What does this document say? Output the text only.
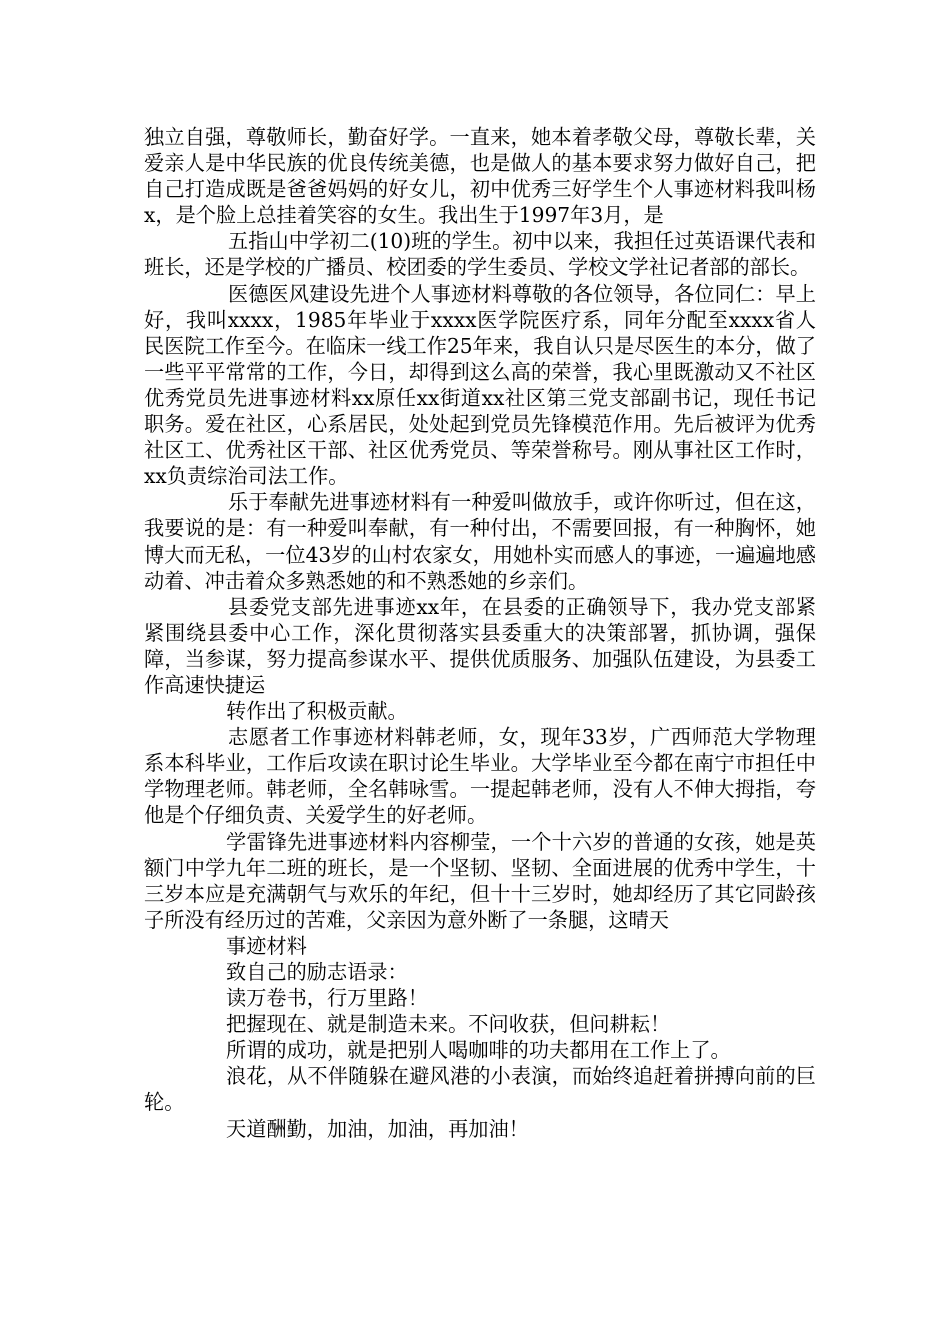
独立自强，尊敬师长，勤奋好学。一直来，她本着孝敬父母，尊敬长辈，关爱亲人是中华民族的优良传统美德，也是做人的基本要求努力做好自己，把自己打造成既是爸爸妈妈的好女儿，初中优秀三好学生个人事迹材料我叫杨x，是个脸上总挂着笑容的女生。我出生于1997年3月，是

五指山中学初二(10)班的学生。初中以来，我担任过英语课代表和班长，还是学校的广播员、校团委的学生委员、学校文学社记者部的部长。

医德医风建设先进个人事迹材料尊敬的各位领导，各位同仁：早上好，我叫xxxx，1985年毕业于xxxx医学院医疗系，同年分配至xxxx省人民医院工作至今。在临床一线工作25年来，我自认只是尽医生的本分，做了一些平平常常的工作，今日，却得到这么高的荣誉，我心里既激动又不社区优秀党员先进事迹材料xx原任xx街道xx社区第三党支部副书记，现任书记职务。爱在社区，心系居民，处处起到党员先锋模范作用。先后被评为优秀社区工、优秀社区干部、社区优秀党员、等荣誉称号。刚从事社区工作时，xx负责综治司法工作。

乐于奉献先进事迹材料有一种爱叫做放手，或许你听过，但在这，我要说的是：有一种爱叫奉献，有一种付出，不需要回报，有一种胸怀，她博大而无私，一位43岁的山村农家女，用她朴实而感人的事迹，一遍遍地感动着、冲击着众多熟悉她的和不熟悉她的乡亲们。

县委党支部先进事迹xx年，在县委的正确领导下，我办党支部紧紧围绕县委中心工作，深化贯彻落实县委重大的决策部署，抓协调，强保障，当参谋，努力提高参谋水平、提供优质服务、加强队伍建设，为县委工作高速快捷运

转作出了积极贡献。

志愿者工作事迹材料韩老师，女，现年33岁，广西师范大学物理系本科毕业，工作后攻读在职讨论生毕业。大学毕业至今都在南宁市担任中学物理老师。韩老师，全名韩咏雪。一提起韩老师，没有人不伸大拇指，夸他是个仔细负责、关爱学生的好老师。

学雷锋先进事迹材料内容柳莹，一个十六岁的普通的女孩，她是英额门中学九年二班的班长，是一个坚韧、坚韧、全面进展的优秀中学生，十三岁本应是充满朝气与欢乐的年纪，但十十三岁时，她却经历了其它同龄孩子所没有经历过的苦难，父亲因为意外断了一条腿，这晴天

事迹材料

致自己的励志语录：

读万卷书，行万里路！

把握现在、就是制造未来。不问收获，但问耕耘！

所谓的成功，就是把别人喝咖啡的功夫都用在工作上了。

浪花，从不伴随躲在避风港的小表演，而始终追赶着拼搏向前的巨轮。

天道酬勤，加油，加油，再加油！
